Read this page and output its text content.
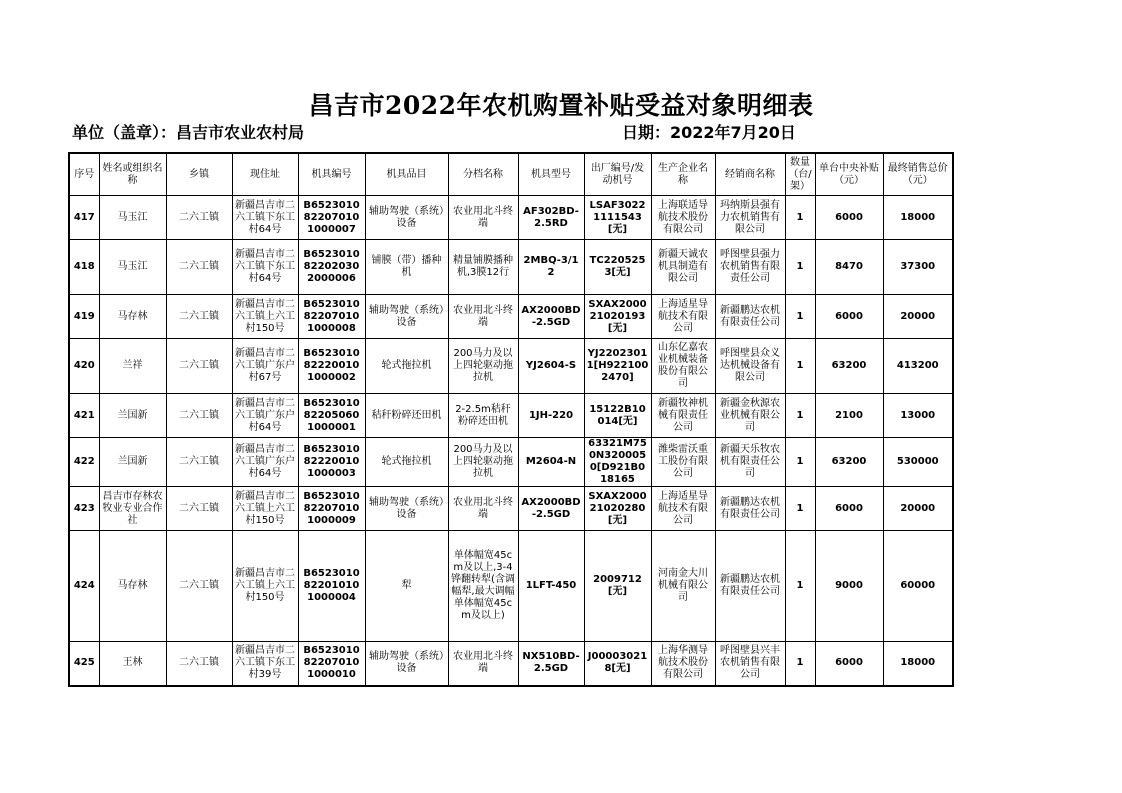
昌吉市2022年农机购置补贴受益对象明细表
单位（盖章）：昌吉市农业农村局	日期：2022年7月20日
序号	姓名或组织名称	乡镇	现住址	机具编号	机具品目	分档名称	机具型号	出厂编号/发动机号	生产企业名称	经销商名称	数量（台/架）	单台中央补贴（元）	最终销售总价（元）
417	马玉江	二六工镇	新疆昌吉市二六工镇下东工村64号	B6523010822070101000007	辅助驾驶（系统）设备	农业用北斗终端	AF302BD-2.5RD	LSAF30221111543[无]	上海联适导航技术股份有限公司	玛纳斯县强有力农机销售有限公司	1	6000	18000
418	马玉江	二六工镇	新疆昌吉市二六工镇下东工村64号	B6523010822020302000006	铺膜（带）播种机	精量铺膜播种机,3膜12行	2MBQ-3/12	TC2205253[无]	新疆天诚农机具制造有限公司	呼图壁县强力农机销售有限责任公司	1	8470	37300
419	马存林	二六工镇	新疆昌吉市二六工镇上六工村150号	B6523010822070101000008	辅助驾驶（系统）设备	农业用北斗终端	AX2000BD-2.5GD	SXAX200021020193[无]	上海适星导航技术有限公司	新疆鹏达农机有限责任公司	1	6000	20000
420	兰祥	二六工镇	新疆昌吉市二六工镇广东户村67号	B6523010822200101000002	轮式拖拉机	200马力及以上四轮驱动拖拉机	YJ2604-S	YJ22023011[H9221002470]	山东亿嘉农业机械装备股份有限公司	呼图壁县众义达机械设备有限公司	1	63200	413200
421	兰国新	二六工镇	新疆昌吉市二六工镇广东户村64号	B6523010822050601000001	秸秆粉碎还田机	2-2.5m秸秆粉碎还田机	1JH-220	15122B10014[无]	新疆牧神机械有限责任公司	新疆金秋源农业机械有限公司	1	2100	13000
422	兰国新	二六工镇	新疆昌吉市二六工镇广东户村64号	B6523010822200101000003	轮式拖拉机	200马力及以上四轮驱动拖拉机	M2604-N	63321M750N3200050[D921B018165	潍柴雷沃重工股份有限公司	新疆天乐牧农机有限责任公司	1	63200	530000
423	昌吉市存林农牧业专业合作社	二六工镇	新疆昌吉市二六工镇上六工村150号	B6523010822070101000009	辅助驾驶（系统）设备	农业用北斗终端	AX2000BD-2.5GD	SXAX200021020280[无]	上海适星导航技术有限公司	新疆鹏达农机有限责任公司	1	6000	20000
424	马存林	二六工镇	新疆昌吉市二六工镇上六工村150号	B6523010822010101000004	犁	单体幅宽45cm及以上,3-4铧翻转犁(含调幅犁,最大调幅单体幅宽45cm及以上)	1LFT-450	2009712[无]	河南金大川机械有限公司	新疆鹏达农机有限责任公司	1	9000	60000
425	王林	二六工镇	新疆昌吉市二六工镇下东工村39号	B6523010822070101000010	辅助驾驶（系统）设备	农业用北斗终端	NX510BD-2.5GD	J000030218[无]	上海华测导航技术股份有限公司	呼图壁县兴丰农机销售有限公司	1	6000	18000
